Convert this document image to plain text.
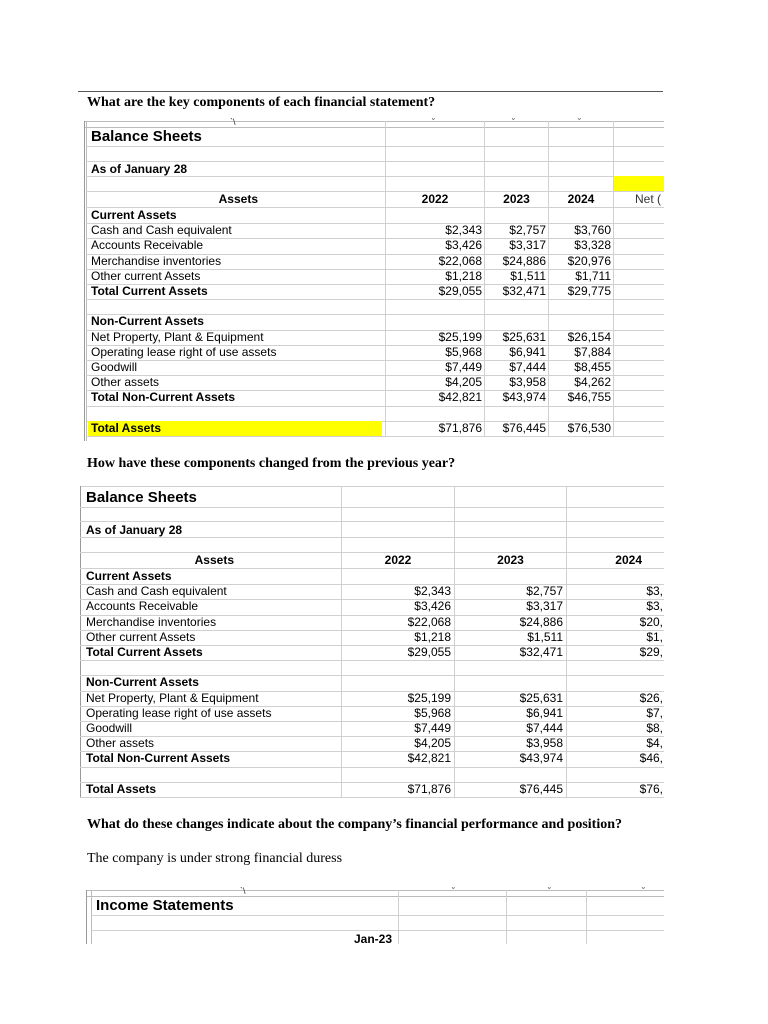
What are the key components of each financial statement?
`\	˘	˘	˘
Balance Sheets
As of January 28
Assets	2022	2023	2024	Net (
Current Assets
Cash and Cash equivalent	$2,343	$2,757	$3,760
Accounts Receivable	$3,426	$3,317	$3,328
Merchandise inventories	$22,068	$24,886	$20,976
Other current Assets	$1,218	$1,511	$1,711
Total Current Assets	$29,055	$32,471	$29,775
Non-Current Assets
Net Property, Plant & Equipment	$25,199	$25,631	$26,154
Operating lease right of use assets	$5,968	$6,941	$7,884
Goodwill	$7,449	$7,444	$8,455
Other assets	$4,205	$3,958	$4,262
Total Non-Current Assets	$42,821	$43,974	$46,755
Total Assets	$71,876	$76,445	$76,530
How have these components changed from the previous year?
Balance Sheets
As of January 28
Assets	2022	2023	2024
Current Assets
Cash and Cash equivalent	$2,343	$2,757	$3,
Accounts Receivable	$3,426	$3,317	$3,
Merchandise inventories	$22,068	$24,886	$20,
Other current Assets	$1,218	$1,511	$1,
Total Current Assets	$29,055	$32,471	$29,
Non-Current Assets
Net Property, Plant & Equipment	$25,199	$25,631	$26,
Operating lease right of use assets	$5,968	$6,941	$7,
Goodwill	$7,449	$7,444	$8,
Other assets	$4,205	$3,958	$4,
Total Non-Current Assets	$42,821	$43,974	$46,
Total Assets	$71,876	$76,445	$76,
What do these changes indicate about the company’s financial performance and position?
The company is under strong financial duress
`\	˘	˘	˘
Income Statements
Jan-23
